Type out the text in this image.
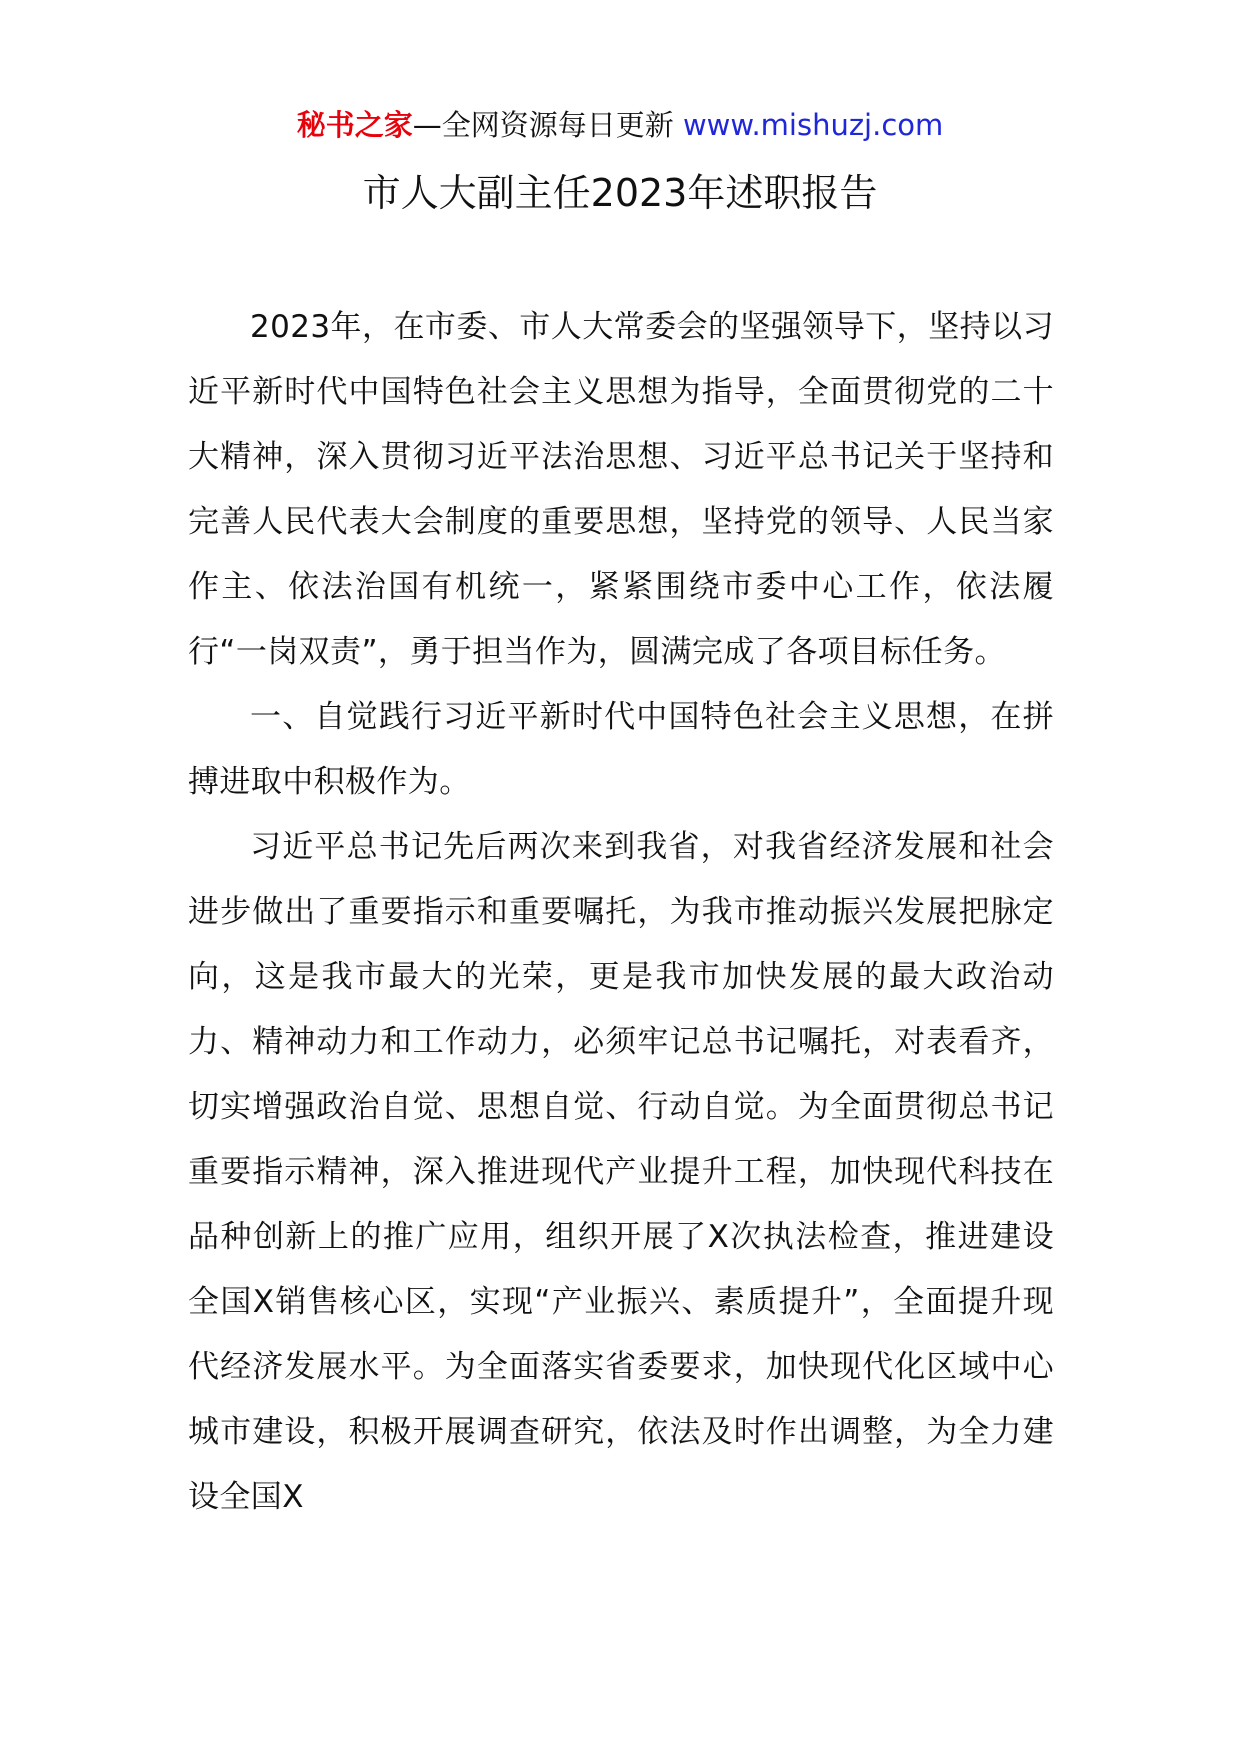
秘书之家—全网资源每日更新 www.mishuzj.com
市人大副主任2023年述职报告

2023年，在市委、市人大常委会的坚强领导下，坚持以习近平新时代中国特色社会主义思想为指导，全面贯彻党的二十大精神，深入贯彻习近平法治思想、习近平总书记关于坚持和完善人民代表大会制度的重要思想，坚持党的领导、人民当家作主、依法治国有机统一，紧紧围绕市委中心工作，依法履行“一岗双责”，勇于担当作为，圆满完成了各项目标任务。

一、自觉践行习近平新时代中国特色社会主义思想，在拼搏进取中积极作为。

习近平总书记先后两次来到我省，对我省经济发展和社会进步做出了重要指示和重要嘱托，为我市推动振兴发展把脉定向，这是我市最大的光荣，更是我市加快发展的最大政治动力、精神动力和工作动力，必须牢记总书记嘱托，对表看齐，切实增强政治自觉、思想自觉、行动自觉。为全面贯彻总书记重要指示精神，深入推进现代产业提升工程，加快现代科技在品种创新上的推广应用，组织开展了X次执法检查，推进建设全国X销售核心区，实现“产业振兴、素质提升”，全面提升现代经济发展水平。为全面落实省委要求，加快现代化区域中心城市建设，积极开展调查研究，依法及时作出调整，为全力建设全国X
